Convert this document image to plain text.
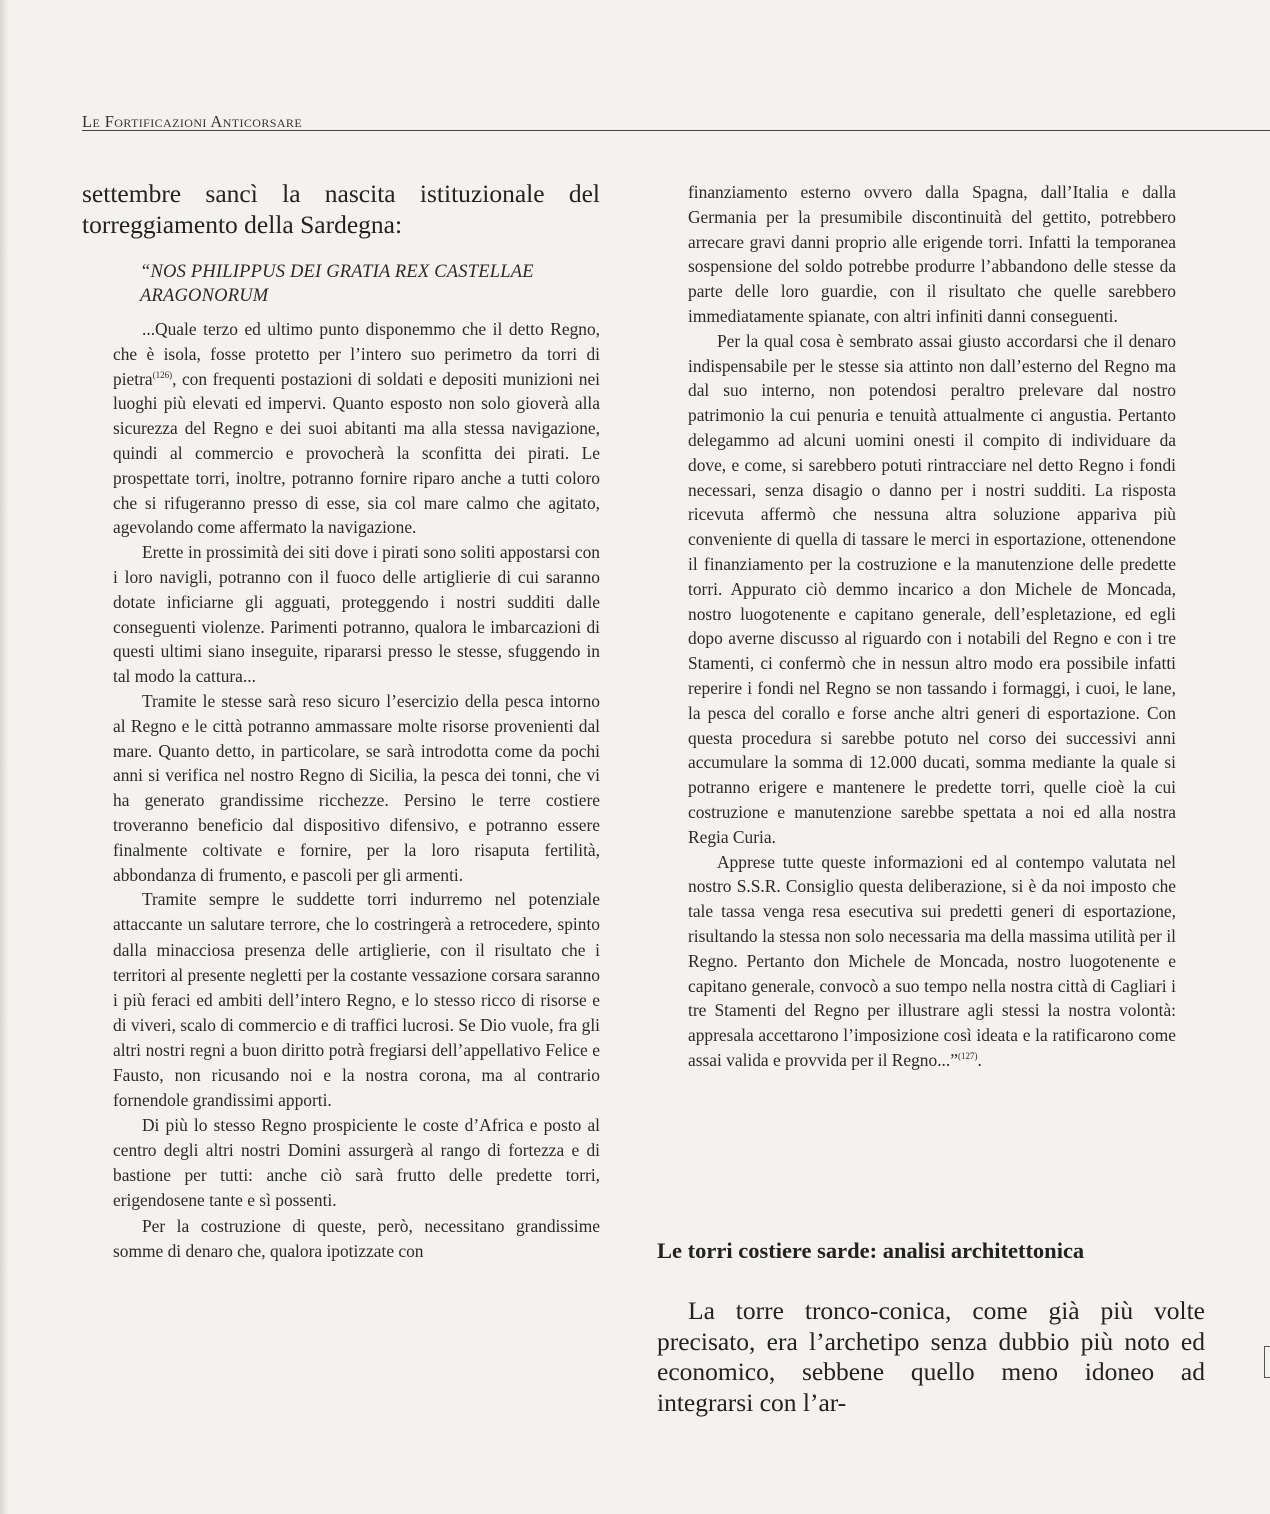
Le Fortificazioni Anticorsare

settembre sancì la nascita istituzionale del torreggiamento della Sardegna:

“NOS PHILIPPUS DEI GRATIA REX CASTELLAE ARAGONORUM

...Quale terzo ed ultimo punto disponemmo che il detto Regno, che è isola, fosse protetto per l’intero suo perimetro da torri di pietra$^{(126)}$, con frequenti postazioni di soldati e depositi munizioni nei luoghi più elevati ed impervi. Quanto esposto non solo gioverà alla sicurezza del Regno e dei suoi abitanti ma alla stessa navigazione, quindi al commercio e provocherà la sconfitta dei pirati. Le prospettate torri, inoltre, potranno fornire riparo anche a tutti coloro che si rifugeranno presso di esse, sia col mare calmo che agitato, agevolando come affermato la navigazione.

Erette in prossimità dei siti dove i pirati sono soliti appostarsi con i loro navigli, potranno con il fuoco delle artiglierie di cui saranno dotate inficiarne gli agguati, proteggendo i nostri sudditi dalle conseguenti violenze. Parimenti potranno, qualora le imbarcazioni di questi ultimi siano inseguite, ripararsi presso le stesse, sfuggendo in tal modo la cattura...

Tramite le stesse sarà reso sicuro l’esercizio della pesca intorno al Regno e le città potranno ammassare molte risorse provenienti dal mare. Quanto detto, in particolare, se sarà introdotta come da pochi anni si verifica nel nostro Regno di Sicilia, la pesca dei tonni, che vi ha generato grandissime ricchezze. Persino le terre costiere troveranno beneficio dal dispositivo difensivo, e potranno essere finalmente coltivate e fornire, per la loro risaputa fertilità, abbondanza di frumento, e pascoli per gli armenti.

Tramite sempre le suddette torri indurremo nel potenziale attaccante un salutare terrore, che lo costringerà a retrocedere, spinto dalla minacciosa presenza delle artiglierie, con il risultato che i territori al presente negletti per la costante vessazione corsara saranno i più feraci ed ambiti dell’intero Regno, e lo stesso ricco di risorse e di viveri, scalo di commercio e di traffici lucrosi. Se Dio vuole, fra gli altri nostri regni a buon diritto potrà fregiarsi dell’appellativo Felice e Fausto, non ricusando noi e la nostra corona, ma al contrario fornendole grandissimi apporti.

Di più lo stesso Regno prospiciente le coste d’Africa e posto al centro degli altri nostri Domini assurgerà al rango di fortezza e di bastione per tutti: anche ciò sarà frutto delle predette torri, erigendosene tante e sì possenti.

Per la costruzione di queste, però, necessitano grandissime somme di denaro che, qualora ipotizzate con

finanziamento esterno ovvero dalla Spagna, dall’Italia e dalla Germania per la presumibile discontinuità del gettito, potrebbero arrecare gravi danni proprio alle erigende torri. Infatti la temporanea sospensione del soldo potrebbe produrre l’abbandono delle stesse da parte delle loro guardie, con il risultato che quelle sarebbero immediatamente spianate, con altri infiniti danni conseguenti.

Per la qual cosa è sembrato assai giusto accordarsi che il denaro indispensabile per le stesse sia attinto non dall’esterno del Regno ma dal suo interno, non potendosi peraltro prelevare dal nostro patrimonio la cui penuria e tenuità attualmente ci angustia. Pertanto delegammo ad alcuni uomini onesti il compito di individuare da dove, e come, si sarebbero potuti rintracciare nel detto Regno i fondi necessari, senza disagio o danno per i nostri sudditi. La risposta ricevuta affermò che nessuna altra soluzione appariva più conveniente di quella di tassare le merci in esportazione, ottenendone il finanziamento per la costruzione e la manutenzione delle predette torri. Appurato ciò demmo incarico a don Michele de Moncada, nostro luogotenente e capitano generale, dell’espletazione, ed egli dopo averne discusso al riguardo con i notabili del Regno e con i tre Stamenti, ci confermò che in nessun altro modo era possibile infatti reperire i fondi nel Regno se non tassando i formaggi, i cuoi, le lane, la pesca del corallo e forse anche altri generi di esportazione. Con questa procedura si sarebbe potuto nel corso dei successivi anni accumulare la somma di 12.000 ducati, somma mediante la quale si potranno erigere e mantenere le predette torri, quelle cioè la cui costruzione e manutenzione sarebbe spettata a noi ed alla nostra Regia Curia.

Apprese tutte queste informazioni ed al contempo valutata nel nostro S.S.R. Consiglio questa deliberazione, si è da noi imposto che tale tassa venga resa esecutiva sui predetti generi di esportazione, risultando la stessa non solo necessaria ma della massima utilità per il Regno. Pertanto don Michele de Moncada, nostro luogotenente e capitano generale, convocò a suo tempo nella nostra città di Cagliari i tre Stamenti del Regno per illustrare agli stessi la nostra volontà: appresala accettarono l’imposizione così ideata e la ratificarono come assai valida e provvida per il Regno...”$^{(127)}$.

Le torri costiere sarde: analisi architettonica

La torre tronco-conica, come già più volte precisato, era l’archetipo senza dubbio più noto ed economico, sebbene quello meno idoneo ad integrarsi con l’ar-
